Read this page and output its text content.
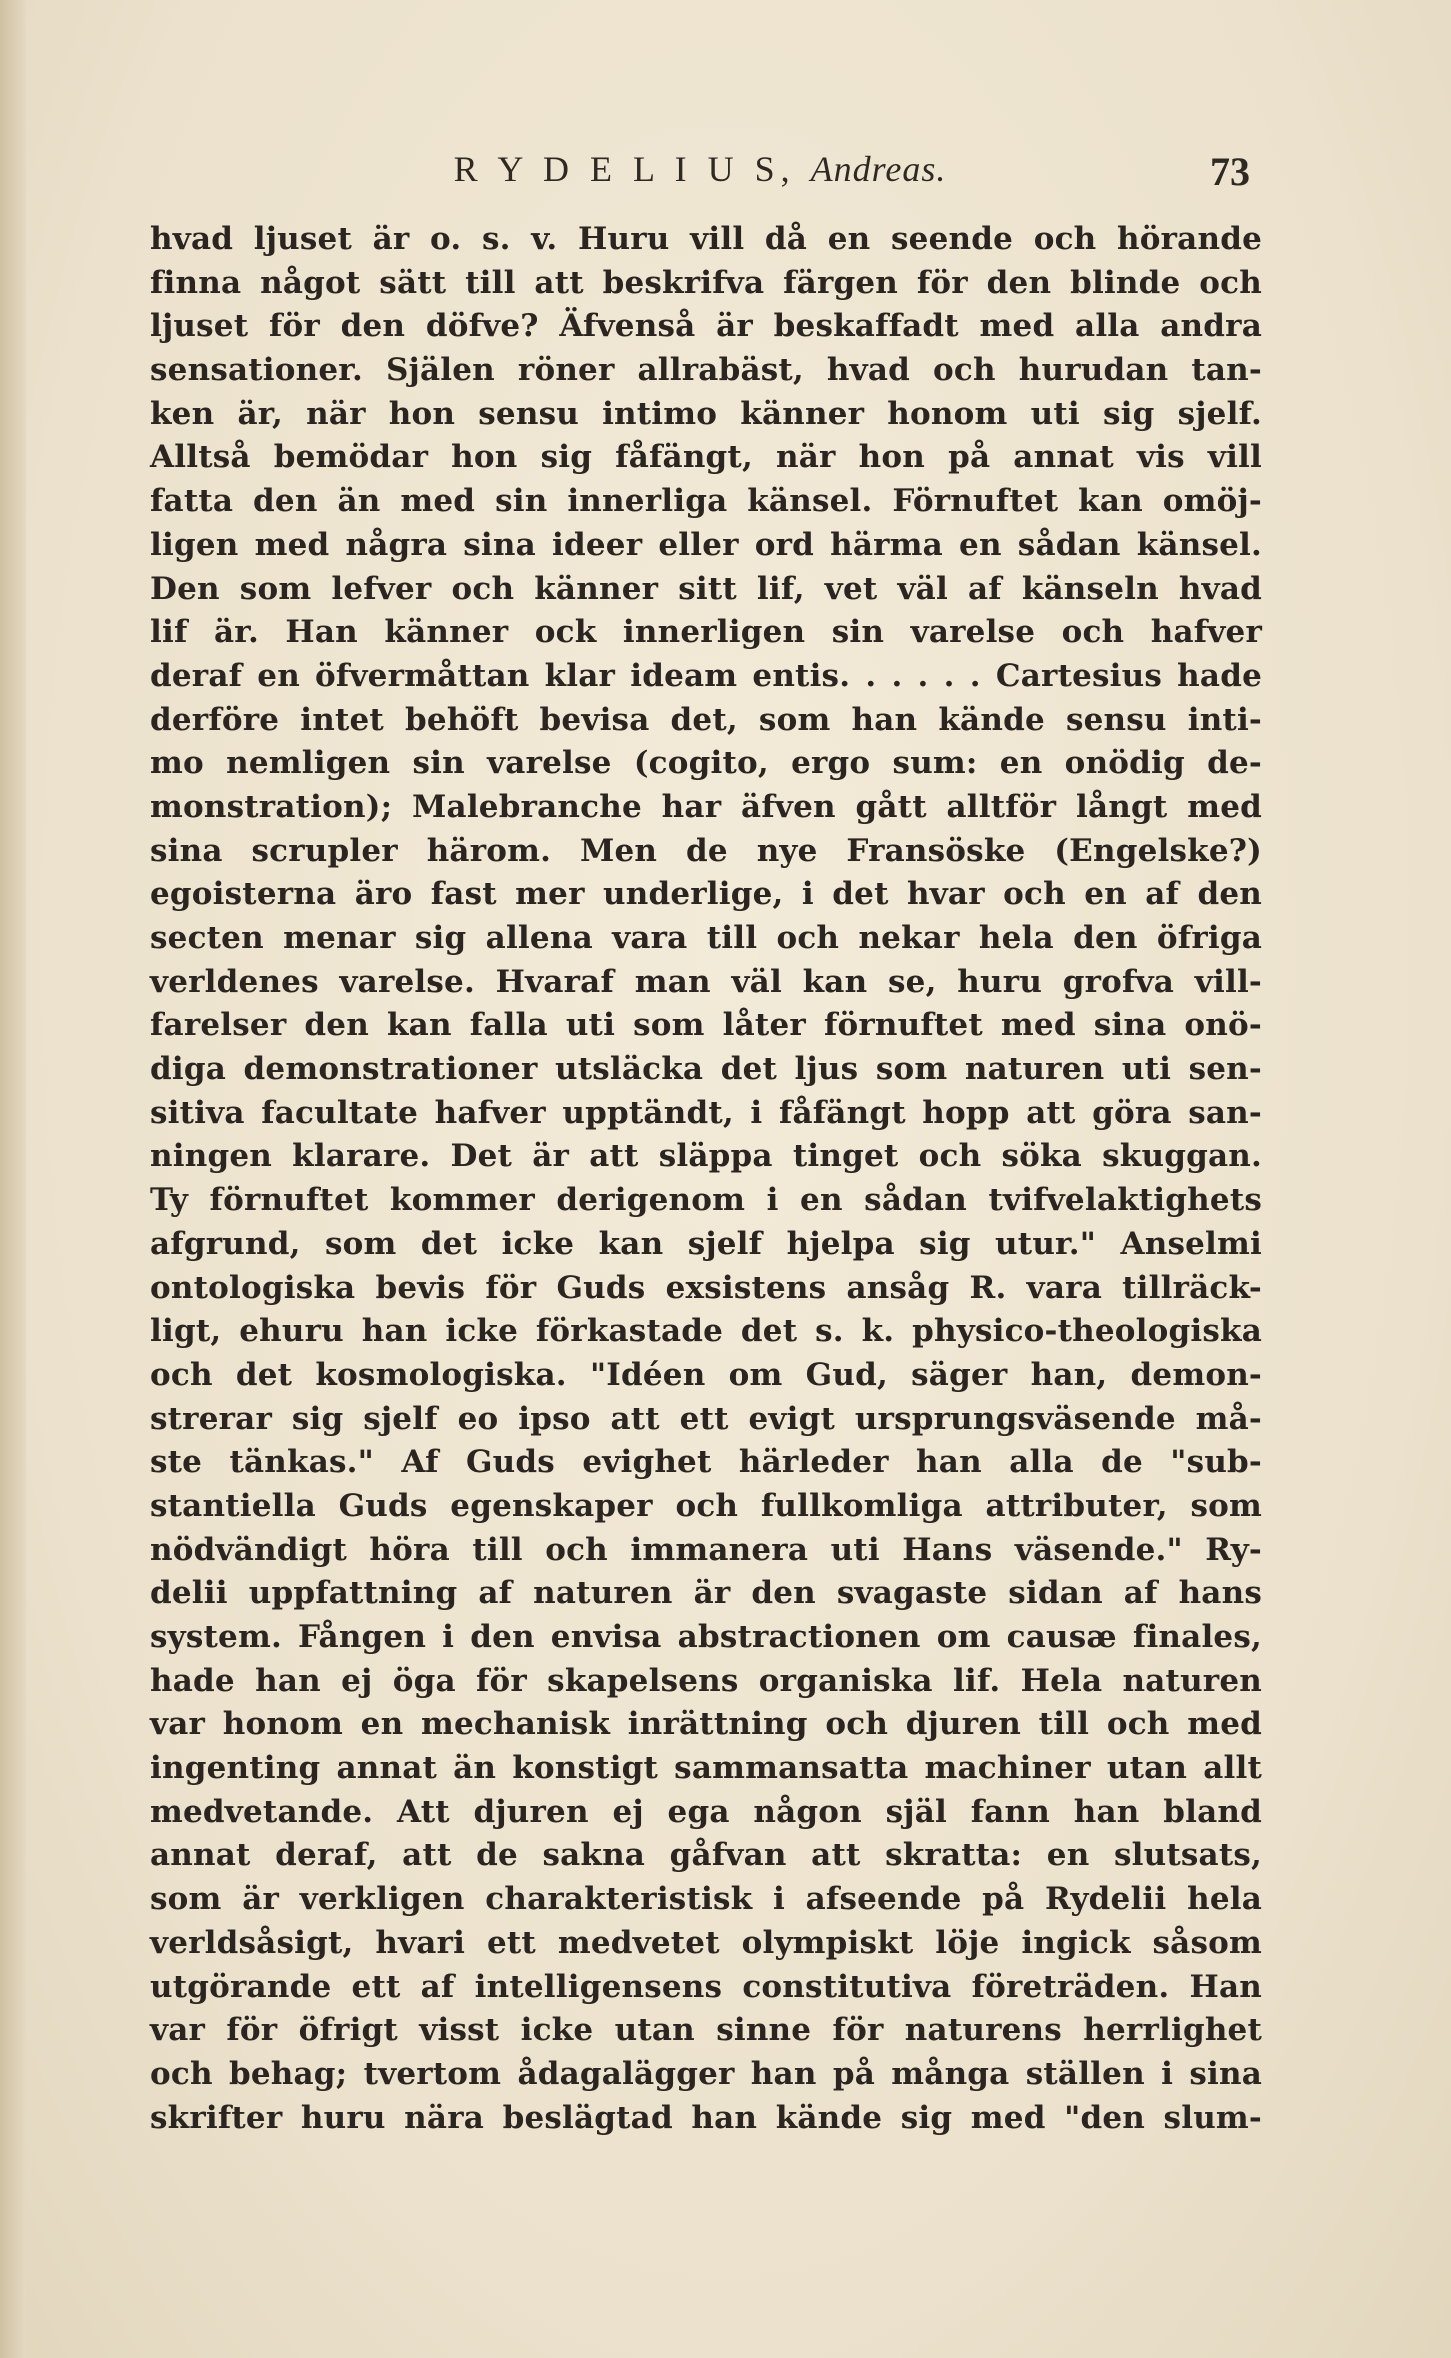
R Y D E L I U S, Andreas.	73
hvad ljuset är o. s. v. Huru vill då en seende och hörande
finna något sätt till att beskrifva färgen för den blinde och
ljuset för den döfve? Äfvenså är beskaffadt med alla andra
sensationer. Själen röner allrabäst, hvad och hurudan tan-
ken är, när hon sensu intimo känner honom uti sig sjelf.
Alltså bemödar hon sig fåfängt, när hon på annat vis vill
fatta den än med sin innerliga känsel. Förnuftet kan omöj-
ligen med några sina ideer eller ord härma en sådan känsel.
Den som lefver och känner sitt lif, vet väl af känseln hvad
lif är. Han känner ock innerligen sin varelse och hafver
deraf en öfvermåttan klar ideam entis. . . . . . Cartesius hade
derföre intet behöft bevisa det, som han kände sensu inti-
mo nemligen sin varelse (cogito, ergo sum: en onödig de-
monstration); Malebranche har äfven gått alltför långt med
sina scrupler härom. Men de nye Fransöske (Engelske?)
egoisterna äro fast mer underlige, i det hvar och en af den
secten menar sig allena vara till och nekar hela den öfriga
verldenes varelse. Hvaraf man väl kan se, huru grofva vill-
farelser den kan falla uti som låter förnuftet med sina onö-
diga demonstrationer utsläcka det ljus som naturen uti sen-
sitiva facultate hafver upptändt, i fåfängt hopp att göra san-
ningen klarare. Det är att släppa tinget och söka skuggan.
Ty förnuftet kommer derigenom i en sådan tvifvelaktighets
afgrund, som det icke kan sjelf hjelpa sig utur." Anselmi
ontologiska bevis för Guds exsistens ansåg R. vara tillräck-
ligt, ehuru han icke förkastade det s. k. physico-theologiska
och det kosmologiska. "Idéen om Gud, säger han, demon-
strerar sig sjelf eo ipso att ett evigt ursprungsväsende må-
ste tänkas." Af Guds evighet härleder han alla de "sub-
stantiella Guds egenskaper och fullkomliga attributer, som
nödvändigt höra till och immanera uti Hans väsende." Ry-
delii uppfattning af naturen är den svagaste sidan af hans
system. Fången i den envisa abstractionen om causæ finales,
hade han ej öga för skapelsens organiska lif. Hela naturen
var honom en mechanisk inrättning och djuren till och med
ingenting annat än konstigt sammansatta machiner utan allt
medvetande. Att djuren ej ega någon själ fann han bland
annat deraf, att de sakna gåfvan att skratta: en slutsats,
som är verkligen charakteristisk i afseende på Rydelii hela
verldsåsigt, hvari ett medvetet olympiskt löje ingick såsom
utgörande ett af intelligensens constitutiva företräden. Han
var för öfrigt visst icke utan sinne för naturens herrlighet
och behag; tvertom ådagalägger han på många ställen i sina
skrifter huru nära beslägtad han kände sig med "den slum-
